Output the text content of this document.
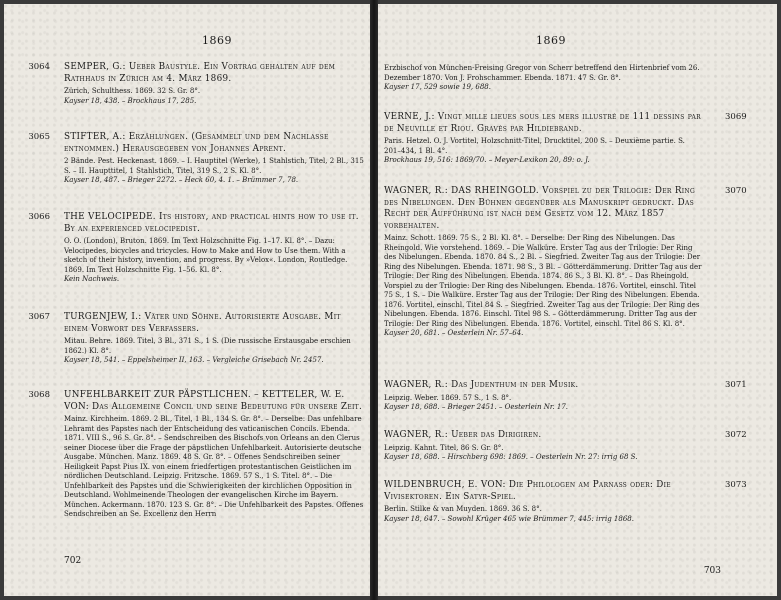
1869
3064 SEMPER, G.: Ueber Baustyle. Ein Vortrag gehalten auf dem Rathhaus in Zürich am 4. März 1869.
Zürich, Schulthess. 1869. 32 S. Gr. 8°.
Kayser 18, 438. – Brockhaus 17, 285.
3065 STIFTER, A.: Erzählungen. (Gesammelt und dem Nachlasse entnommen.) Herausgegeben von Johannes Aprent.
2 Bände. Pest. Heckenast. 1869. – I. Hauptitel (Werke), 1 Stahlstich, Titel, 2 Bl., 315 S. – II. Haupttitel, 1 Stahlstich, Titel, 319 S., 2 S. Kl. 8°.
Kayser 18, 487. – Brieger 2272. – Heck 60, 4. 1. – Brümmer 7, 78.
3066 THE VELOCIPEDE. Its history, and practical hints how to use it. By an experienced velocipedist.
O. O. (London), Bruton. 1869. Im Text Holzschnitte Fig. 1–17. Kl. 8°. – Dazu: Velocipedes, bicycles and tricycles. How to Make and How to Use them. With a sketch of their history, invention, and progress. By »Velox«. London, Routledge. 1869. Im Text Holzschnitte Fig. 1–56. Kl. 8°.
Kein Nachweis.
3067 TURGENJEW, I.: Väter und Söhne. Autorisierte Ausgabe. Mit einem Vorwort des Verfassers.
Mitau. Behre. 1869. Titel, 3 Bl., 371 S., 1 S. (Die russische Erstausgabe erschien 1862.) Kl. 8°.
Kayser 18, 541. – Eppelsheimer II, 163. – Vergleiche Grisebach Nr. 2457.
3068 UNFEHLBARKEIT ZUR PÄPSTLICHEN. – KETTELER, W. E. VON: Das Allgemeine Concil und seine Bedeutung für unsere Zeit.
Mainz. Kirchheim. 1869. 2 Bl., Titel, 1 Bl., 134 S. Gr. 8°. – Derselbe: Das unfehlbare Lehramt des Papstes nach der Entscheidung des vaticanischen Concils. Ebenda. 1871. VIII S., 96 S. Gr. 8°. – Sendschreiben des Bischofs von Orleans an den Clerus seiner Diocese über die Frage der päpstlichen Unfehlbarkeit. Autorisierte deutsche Ausgabe. München. Manz. 1869. 48 S. Gr. 8°. – Offenes Sendschreiben seiner Heiligkeit Papst Pius IX. von einem friedfertigen protestantischen Geistlichen im nördlichen Deutschland. Leipzig. Fritzsche. 1869. 57 S., 1 S. Titel. 8°. – Die Unfehlbarkeit des Papstes und die Schwierigkeiten der kirchlichen Opposition in Deutschland. Wohlmeinende Theologen der evangelischen Kirche im Bayern. München. Ackermann. 1870. 123 S. Gr. 8°. – Die Unfehlbarkeit des Papstes. Offenes Sendschreiben an Se. Excellenz den Herrn
702
1869
Erzbischof von München-Freising Gregor von Scherr betreffend den Hirtenbrief vom 26. Dezember 1870. Von J. Frohschammer. Ebenda. 1871. 47 S. Gr. 8°.
Kayser 17, 529 sowie 19, 688.
3069
VERNE, J.: Vingt mille lieues sous les mers illustré de 111 dessins par de Neuville et Riou. Gravés par Hildiebrand.
Paris. Hetzel. O. J. Vortitel, Holzschnitt-Titel, Drucktitel, 200 S. – Deuxième partie. S. 201–434, 1 Bl. 4°.
Brockhaus 19, 516: 1869/70. – Meyer-Lexikon 20, 89: o. J.
3070
WAGNER, R.: DAS RHEINGOLD. Vorspiel zu der Trilogie: Der Ring des Nibelungen. Den Bühnen gegenüber als Manuskript gedruckt. Das Recht der Aufführung ist nach dem Gesetz vom 12. März 1857 vorbehalten.
Mainz. Schott. 1869. 75 S., 2 Bl. Kl. 8°. – Derselbe: Der Ring des Nibelungen. Das Rheingold. Wie vorstehend. 1869. – Die Walküre. Erster Tag aus der Trilogie: Der Ring des Nibelungen. Ebenda. 1870. 84 S., 2 Bl. – Siegfried. Zweiter Tag aus der Trilogie: Der Ring des Nibelungen. Ebenda. 1871. 98 S., 3 Bl. – Götterdämmerung. Dritter Tag aus der Trilogie: Der Ring des Nibelungen. Ebenda. 1874. 86 S., 3 Bl. Kl. 8°. – Das Rheingold. Vorspiel zu der Trilogie: Der Ring des Nibelungen. Ebenda. 1876. Vortitel, einschl. Titel 75 S., 1 S. – Die Walküre. Erster Tag aus der Trilogie: Der Ring des Nibelungen. Ebenda. 1876. Vortitel, einschl. Titel 84 S. – Siegfried. Zweiter Tag aus der Trilogie: Der Ring des Nibelungen. Ebenda. 1876. Einschl. Titel 98 S. – Götterdämmerung. Dritter Tag aus der Trilogie: Der Ring des Nibelungen. Ebenda. 1876. Vortitel, einschl. Titel 86 S. Kl. 8°.
Kayser 20, 681. – Oesterlein Nr. 57–64.
3071
WAGNER, R.: Das Judenthum in der Musik.
Leipzig. Weber. 1869. 57 S., 1 S. 8°.
Kayser 18, 688. – Brieger 2451. – Oesterlein Nr. 17.
3072
WAGNER, R.: Ueber das Dirigiren.
Leipzig. Kahnt. Titel, 86 S. Gr. 8°.
Kayser 18, 688. – Hirschberg 698: 1869. – Oesterlein Nr. 27: irrig 68 S.
3073
WILDENBRUCH, E. VON: Die Philologen am Parnaß oder: Die Vivisektoren. Ein Satyr-Spiel.
Berlin. Stilke & van Muyden. 1869. 36 S. 8°.
Kayser 18, 647. – Sowohl Krüger 465 wie Brümmer 7, 445: irrig 1868.
703
